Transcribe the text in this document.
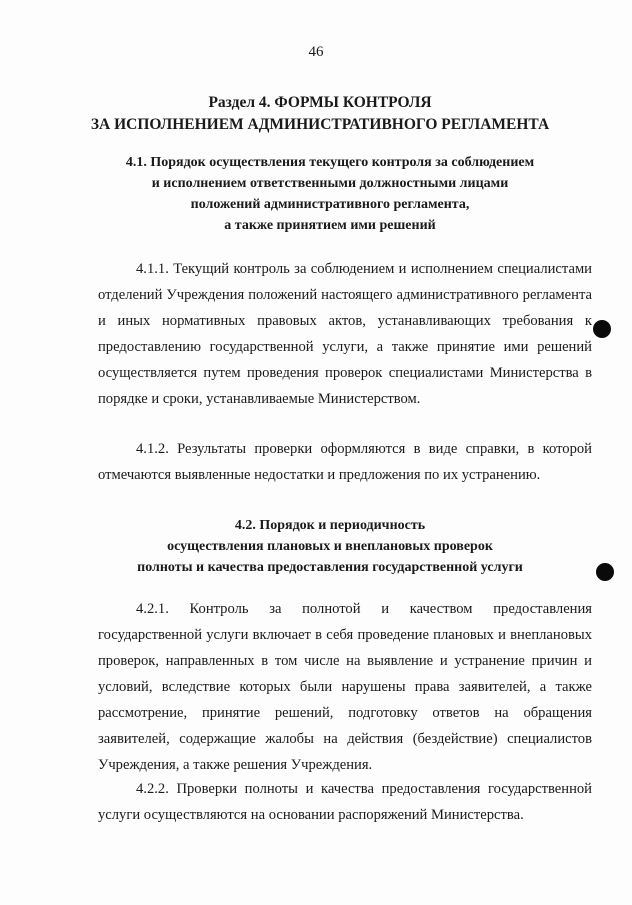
46
Раздел 4. ФОРМЫ КОНТРОЛЯ
ЗА ИСПОЛНЕНИЕМ АДМИНИСТРАТИВНОГО РЕГЛАМЕНТА
4.1. Порядок осуществления текущего контроля за соблюдением
и исполнением ответственными должностными лицами
положений административного регламента,
а также принятием ими решений

4.1.1. Текущий контроль за соблюдением и исполнением специалистами отделений Учреждения положений настоящего административного регламента и иных нормативных правовых актов, устанавливающих требования к предоставлению государственной услуги, а также принятие ими решений осуществляется путем проведения проверок специалистами Министерства в порядке и сроки, устанавливаемые Министерством.

4.1.2. Результаты проверки оформляются в виде справки, в которой отмечаются выявленные недостатки и предложения по их устранению.

4.2. Порядок и периодичность
осуществления плановых и внеплановых проверок
полноты и качества предоставления государственной услуги

4.2.1. Контроль за полнотой и качеством предоставления государственной услуги включает в себя проведение плановых и внеплановых проверок, направленных в том числе на выявление и устранение причин и условий, вследствие которых были нарушены права заявителей, а также рассмотрение, принятие решений, подготовку ответов на обращения заявителей, содержащие жалобы на действия (бездействие) специалистов Учреждения, а также решения Учреждения.

4.2.2. Проверки полноты и качества предоставления государственной услуги осуществляются на основании распоряжений Министерства.
